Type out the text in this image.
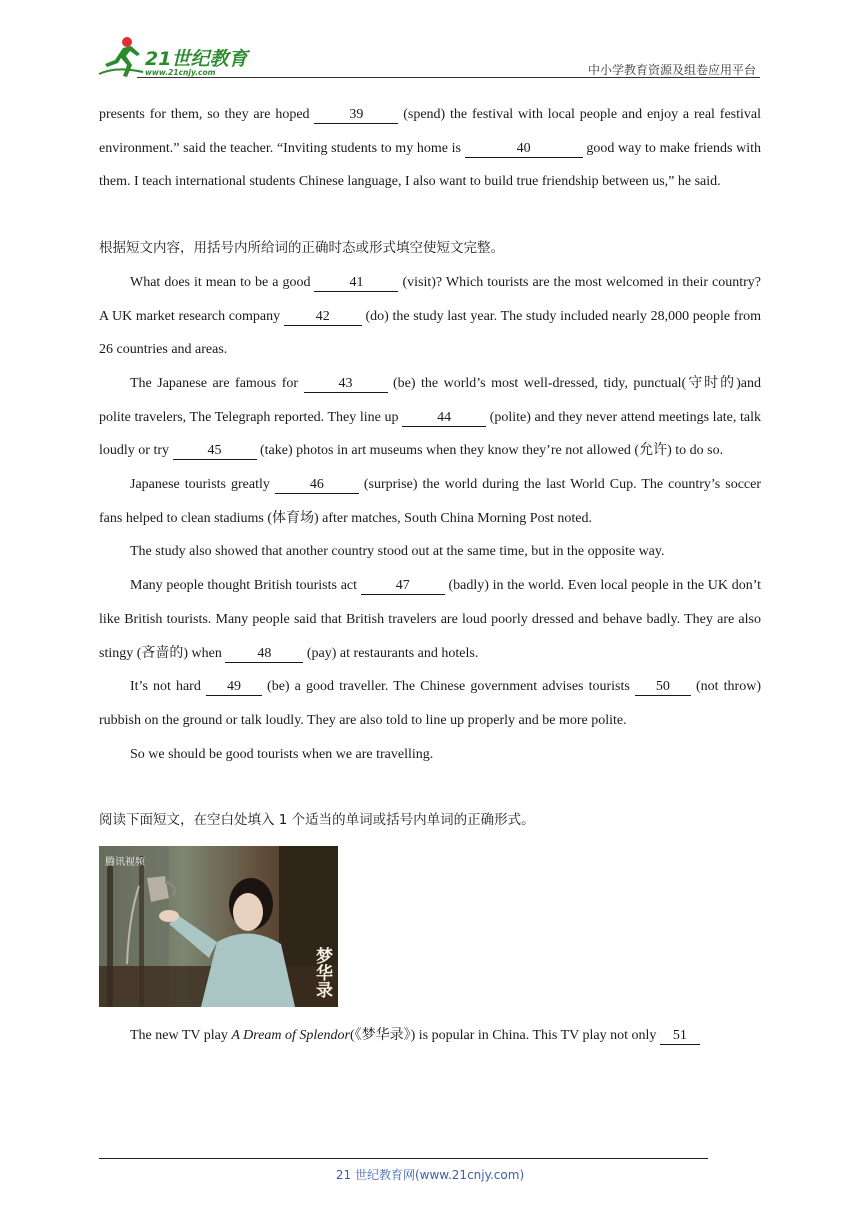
21世纪教育
www.21cnjy.com	中小学教育资源及组卷应用平台

presents for them, so they are hoped	39	(spend) the festival with local people and enjoy a real festival environment.” said the teacher. “Inviting students to my home is	40	good way to make friends with them. I teach international students Chinese language, I also want to build true friendship between us,” he said.

根据短文内容，用括号内所给词的正确时态或形式填空使短文完整。

What does it mean to be a good	41	(visit)? Which tourists are the most welcomed in their country? A UK market research company 42 (do) the study last year. The study included nearly 28,000 people from 26 countries and areas.

The Japanese are famous for	43	(be) the world’s most well-dressed, tidy, punctual(守时的)and polite travelers, The Telegraph reported. They line up	44	(polite) and they never attend meetings late, talk loudly or try	45	(take) photos in art museums when they know they’re not allowed (允许) to do so.

Japanese tourists greatly	46	(surprise) the world during the last World Cup. The country’s soccer fans helped to clean stadiums (体育场) after matches, South China Morning Post noted.

The study also showed that another country stood out at the same time, but in the opposite way.

Many people thought British tourists act	47	(badly) in the world. Even local people in the UK don’t like British tourists. Many people said that British travelers are loud poorly dressed and behave badly. They are also stingy (吝啬的) when 48 (pay) at restaurants and hotels.

It’s not hard 49 (be) a good traveller. The Chinese government advises tourists 50 (not throw) rubbish on the ground or talk loudly. They are also told to line up properly and be more polite.

So we should be good tourists when we are travelling.

阅读下面短文，在空白处填入 1 个适当的单词或括号内单词的正确形式。

腾讯视频
梦华录

The new TV play A Dream of Splendor(《梦华录》) is popular in China. This TV play not only 51

21 世纪教育网(www.21cnjy.com)
